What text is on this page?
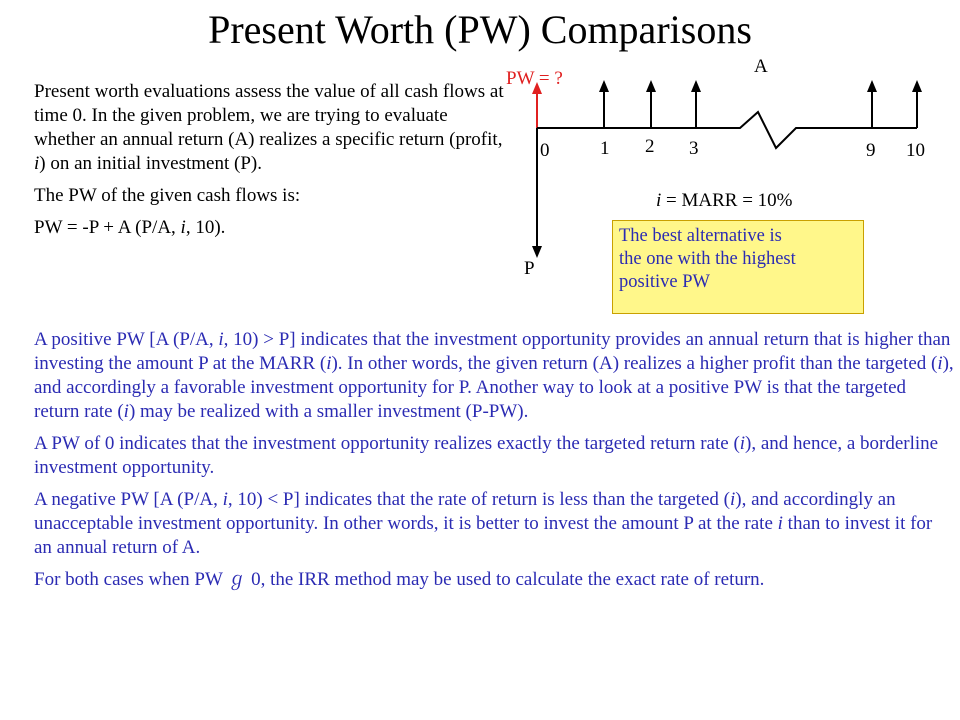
Present Worth (PW) Comparisons

Present worth evaluations assess the value of all cash flows at time 0. In the given problem, we are trying to evaluate whether an annual return (A) realizes a specific return (profit, i) on an initial investment (P).

The PW of the given cash flows is:

PW = -P + A (P/A, i, 10).

PW = ?
A
0	1 2 3	9 10
i = MARR = 10%
P
The best alternative is
the one with the highest
positive PW

A positive PW [A (P/A, i, 10) > P] indicates that the investment opportunity provides an annual return that is higher than investing the amount P at the MARR (i). In other words, the given return (A) realizes a higher profit than the targeted (i), and accordingly a favorable investment opportunity for P. Another way to look at a positive PW is that the targeted return rate (i) may be realized with a smaller investment (P-PW).

A PW of 0 indicates that the investment opportunity realizes exactly the targeted return rate (i), and hence, a borderline investment opportunity.

A negative PW [A (P/A, i, 10) < P] indicates that the rate of return is less than the targeted (i), and accordingly an unacceptable investment opportunity. In other words, it is better to invest the amount P at the rate i than to invest it for an annual return of A.

For both cases when PW ℊ 0, the IRR method may be used to calculate the exact rate of return.
